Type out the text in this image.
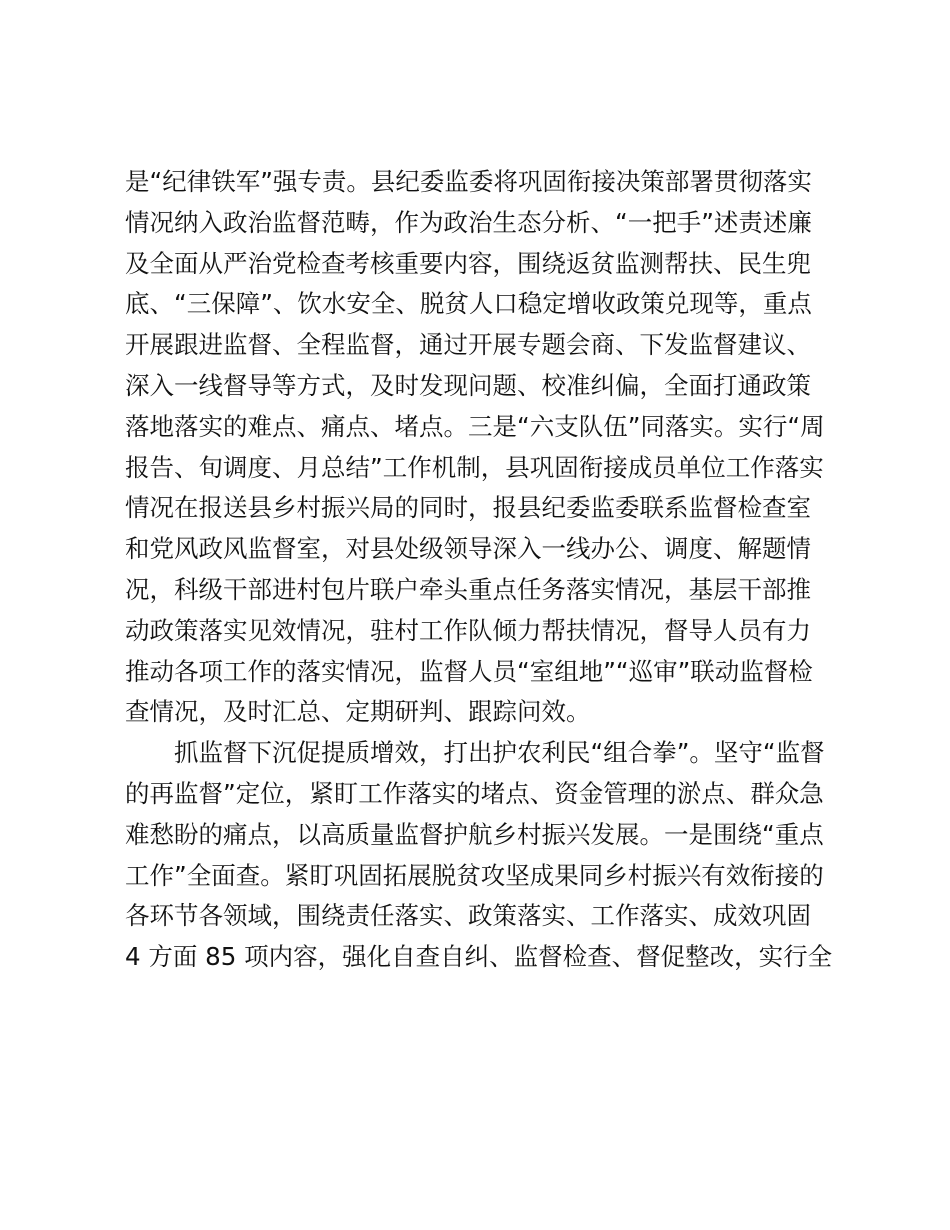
是“纪律铁军”强专责。县纪委监委将巩固衔接决策部署贯彻落实
情况纳入政治监督范畴，作为政治生态分析、“一把手”述责述廉
及全面从严治党检查考核重要内容，围绕返贫监测帮扶、民生兜
底、“三保障”、饮水安全、脱贫人口稳定增收政策兑现等，重点
开展跟进监督、全程监督，通过开展专题会商、下发监督建议、
深入一线督导等方式，及时发现问题、校准纠偏，全面打通政策
落地落实的难点、痛点、堵点。三是“六支队伍”同落实。实行“周
报告、旬调度、月总结”工作机制，县巩固衔接成员单位工作落实
情况在报送县乡村振兴局的同时，报县纪委监委联系监督检查室
和党风政风监督室，对县处级领导深入一线办公、调度、解题情
况，科级干部进村包片联户牵头重点任务落实情况，基层干部推
动政策落实见效情况，驻村工作队倾力帮扶情况，督导人员有力
推动各项工作的落实情况，监督人员“室组地”“巡审”联动监督检
查情况，及时汇总、定期研判、跟踪问效。
抓监督下沉促提质增效，打出护农利民“组合拳”。坚守“监督
的再监督”定位，紧盯工作落实的堵点、资金管理的淤点、群众急
难愁盼的痛点，以高质量监督护航乡村振兴发展。一是围绕“重点
工作”全面查。紧盯巩固拓展脱贫攻坚成果同乡村振兴有效衔接的
各环节各领域，围绕责任落实、政策落实、工作落实、成效巩固
4 方面 85 项内容，强化自查自纠、监督检查、督促整改，实行全
